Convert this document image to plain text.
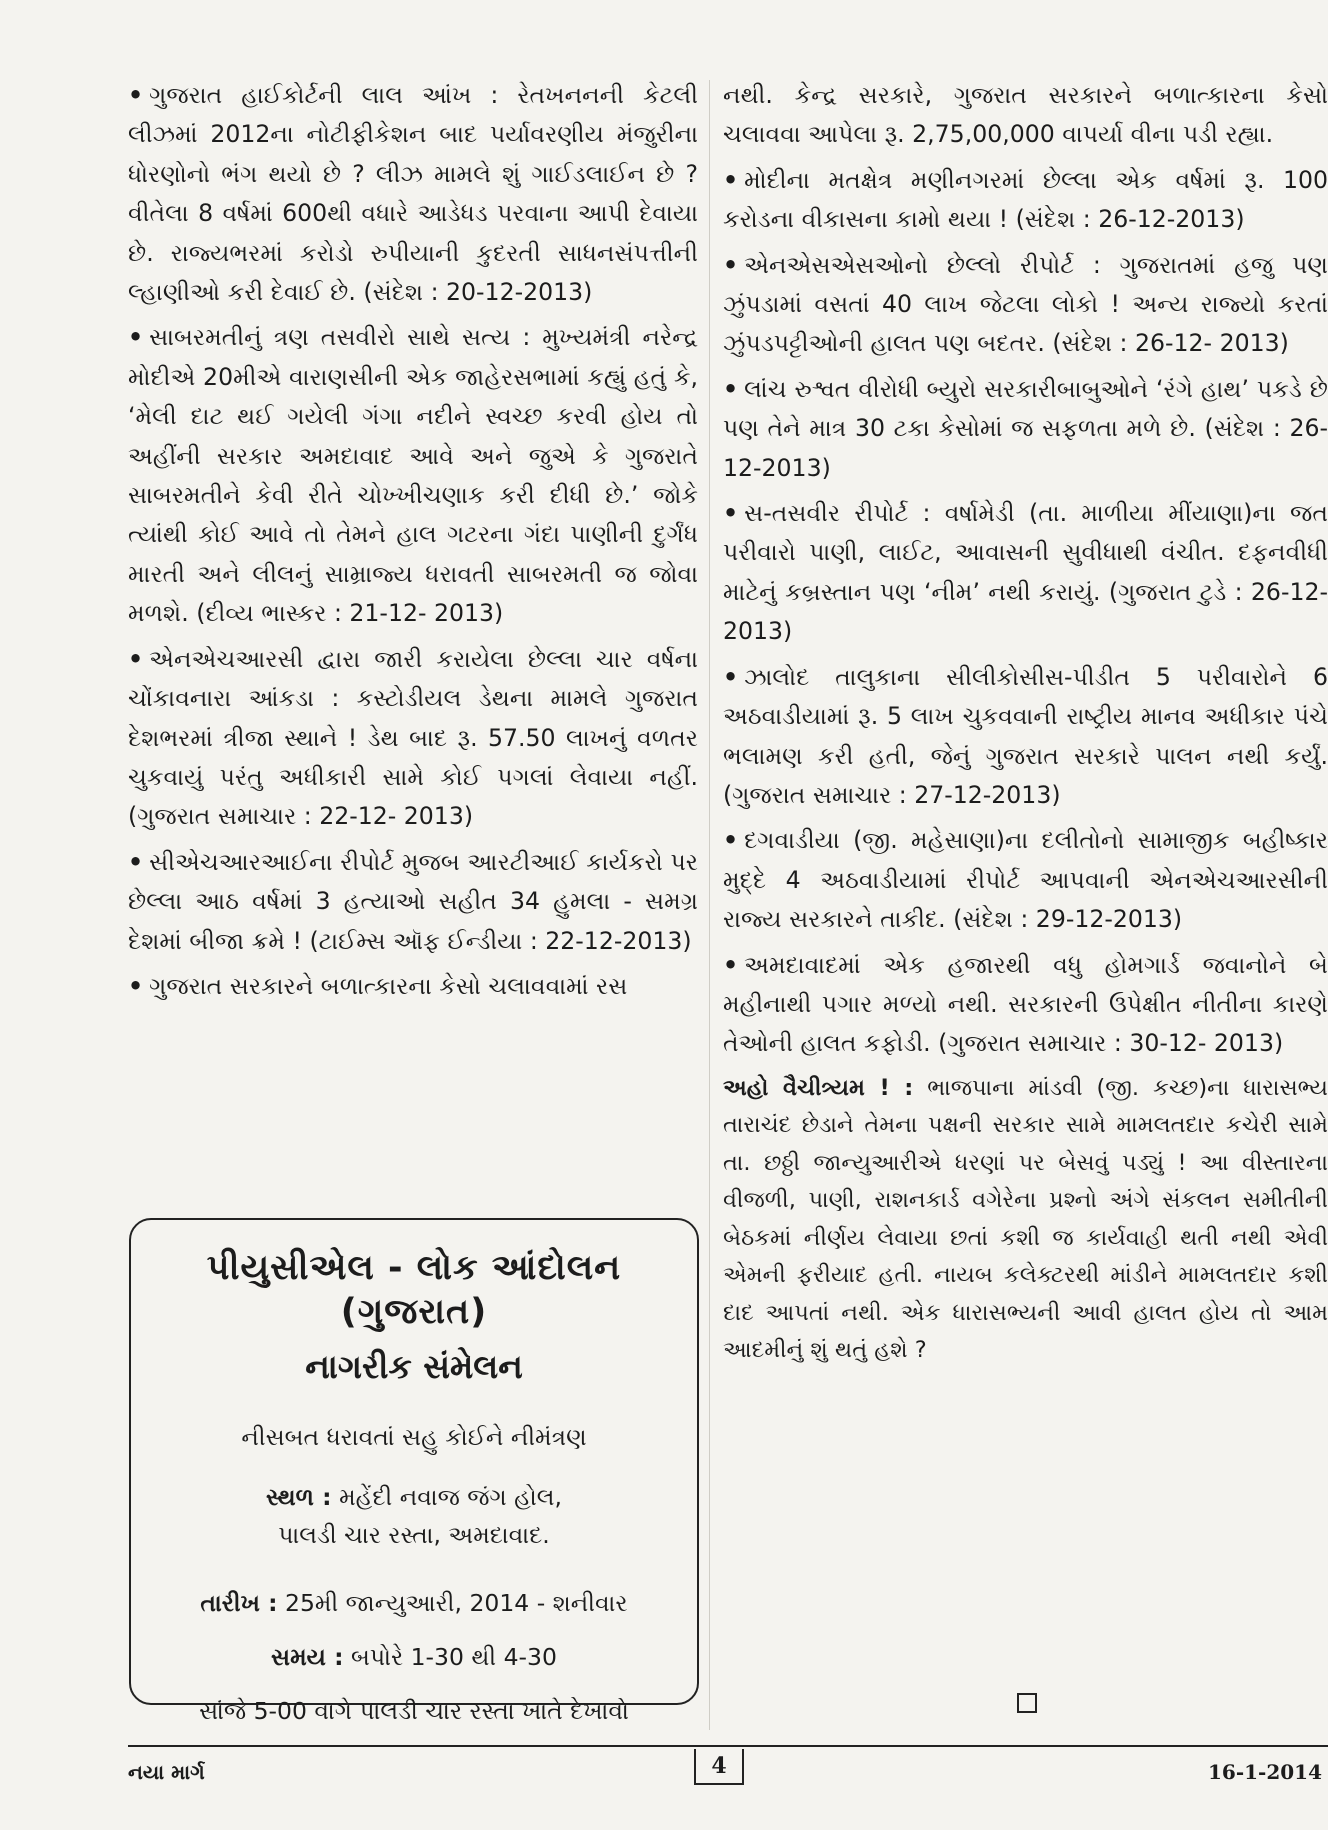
• ગુજરાત હાઈકોર્ટની લાલ આંખ : રેતખનનની કેટલી લીઝમાં 2012ના નોટીફીકેશન બાદ પર્યાવરણીય મંજુરીના ધોરણોનો ભંગ થયો છે ? લીઝ મામલે શું ગાઈડલાઈન છે ? વીતેલા 8 વર્ષમાં 600થી વધારે આડેધડ પરવાના આપી દેવાયા છે. રાજ્યભરમાં કરોડો રુપીયાની કુદરતી સાધનસંપત્તીની લ્હાણીઓ કરી દેવાઈ છે. (સંદેશ : 20-12-2013)

• સાબરમતીનું ત્રણ તસવીરો સાથે સત્ય : મુખ્યમંત્રી નરેન્દ્ર મોદીએ 20મીએ વારાણસીની એક જાહેરસભામાં કહ્યું હતું કે, ‘મેલી દાટ થઈ ગયેલી ગંગા નદીને સ્વચ્છ કરવી હોય તો અહીંની સરકાર અમદાવાદ આવે અને જુએ કે ગુજરાતે સાબરમતીને કેવી રીતે ચોખ્ખીચણાક કરી દીધી છે.’ જોકે ત્યાંથી કોઈ આવે તો તેમને હાલ ગટરના ગંદા પાણીની દુર્ગંધ મારતી અને લીલનું સામ્રાજ્ય ધરાવતી સાબરમતી જ જોવા મળશે. (દીવ્ય ભાસ્કર : 21-12- 2013)

• એનએચઆરસી દ્વારા જારી કરાયેલા છેલ્લા ચાર વર્ષના ચોંકાવનારા આંકડા : કસ્ટોડીયલ ડેથના મામલે ગુજરાત દેશભરમાં ત્રીજા સ્થાને ! ડેથ બાદ રૂ. 57.50 લાખનું વળતર ચુકવાયું પરંતુ અધીકારી સામે કોઈ પગલાં લેવાયા નહીં. (ગુજરાત સમાચાર : 22-12- 2013)

• સીએચઆરઆઈના રીપોર્ટ મુજબ આરટીઆઈ કાર્યકરો પર છેલ્લા આઠ વર્ષમાં 3 હત્યાઓ સહીત 34 હુમલા - સમગ્ર દેશમાં બીજા ક્રમે ! (ટાઈમ્સ ઑફ ઈન્ડીયા : 22-12-2013)

• ગુજરાત સરકારને બળાત્કારના કેસો ચલાવવામાં રસ

પીયુસીએલ - લોક આંદોલન (ગુજરાત)
નાગરીક સંમેલન
નીસબત ધરાવતાં સહુ કોઈને નીમંત્રણ
સ્થળ : મહેંદી નવાજ જંગ હોલ,
પાલડી ચાર રસ્તા, અમદાવાદ.
તારીખ : 25મી જાન્યુઆરી, 2014 - શનીવાર
સમય : બપોરે 1-30 થી 4-30
સાંજે 5-00 વાગે પાલડી ચાર રસ્તા ખાતે દેખાવો

નથી. કેન્દ્ર સરકારે, ગુજરાત સરકારને બળાત્કારના કેસો ચલાવવા આપેલા રૂ. 2,75,00,000 વાપર્યા વીના પડી રહ્યા.

• મોદીના મતક્ષેત્ર મણીનગરમાં છેલ્લા એક વર્ષમાં રૂ. 100 કરોડના વીકાસના કામો થયા ! (સંદેશ : 26-12-2013)

• એનએસએસઓનો છેલ્લો રીપોર્ટ : ગુજરાતમાં હજુ પણ ઝુંપડામાં વસતાં 40 લાખ જેટલા લોકો ! અન્ય રાજ્યો કરતાં ઝુંપડપટ્ટીઓની હાલત પણ બદતર. (સંદેશ : 26-12- 2013)

• લાંચ રુશ્વત વીરોધી બ્યુરો સરકારીબાબુઓને ‘રંગે હાથ’ પકડે છે પણ તેને માત્ર 30 ટકા કેસોમાં જ સફળતા મળે છે. (સંદેશ : 26-12-2013)

• સ-તસવીર રીપોર્ટ : વર્ષામેડી (તા. માળીયા મીંયાણા)ના જત પરીવારો પાણી, લાઈટ, આવાસની સુવીધાથી વંચીત. દફનવીધી માટેનું કબ્રસ્તાન પણ ‘નીમ’ નથી કરાયું. (ગુજરાત ટુડે : 26-12-2013)

• ઝાલોદ તાલુકાના સીલીકોસીસ-પીડીત 5 પરીવારોને 6 અઠવાડીયામાં રૂ. 5 લાખ ચુકવવાની રાષ્ટ્રીય માનવ અધીકાર પંચે ભલામણ કરી હતી, જેનું ગુજરાત સરકારે પાલન નથી કર્યું. (ગુજરાત સમાચાર : 27-12-2013)

• દગવાડીયા (જી. મહેસાણા)ના દલીતોનો સામાજીક બહીષ્કાર મુદ્દે 4 અઠવાડીયામાં રીપોર્ટ આપવાની એનએચઆરસીની રાજ્ય સરકારને તાકીદ. (સંદેશ : 29-12-2013)

• અમદાવાદમાં એક હજારથી વધુ હોમગાર્ડ જવાનોને બે મહીનાથી પગાર મળ્યો નથી. સરકારની ઉપેક્ષીત નીતીના કારણે તેઓની હાલત કફોડી. (ગુજરાત સમાચાર : 30-12- 2013)

અહો વૈચીત્ર્યમ ! : ભાજપાના માંડવી (જી. કચ્છ)ના ધારાસભ્ય તારાચંદ છેડાને તેમના પક્ષની સરકાર સામે મામલતદાર કચેરી સામે તા. છઠ્ઠી જાન્યુઆરીએ ધરણાં પર બેસવું પડ્યું ! આ વીસ્તારના વીજળી, પાણી, રાશનકાર્ડ વગેરેના પ્રશ્નો અંગે સંકલન સમીતીની બેઠકમાં નીર્ણય લેવાયા છતાં કશી જ કાર્યવાહી થતી નથી એવી એમની ફરીયાદ હતી. નાયબ કલેક્ટરથી માંડીને મામલતદાર કશી દાદ આપતાં નથી. એક ધારાસભ્યની આવી હાલત હોય તો આમ આદમીનું શું થતું હશે ?

નયા માર્ગ	4	16-1-2014
